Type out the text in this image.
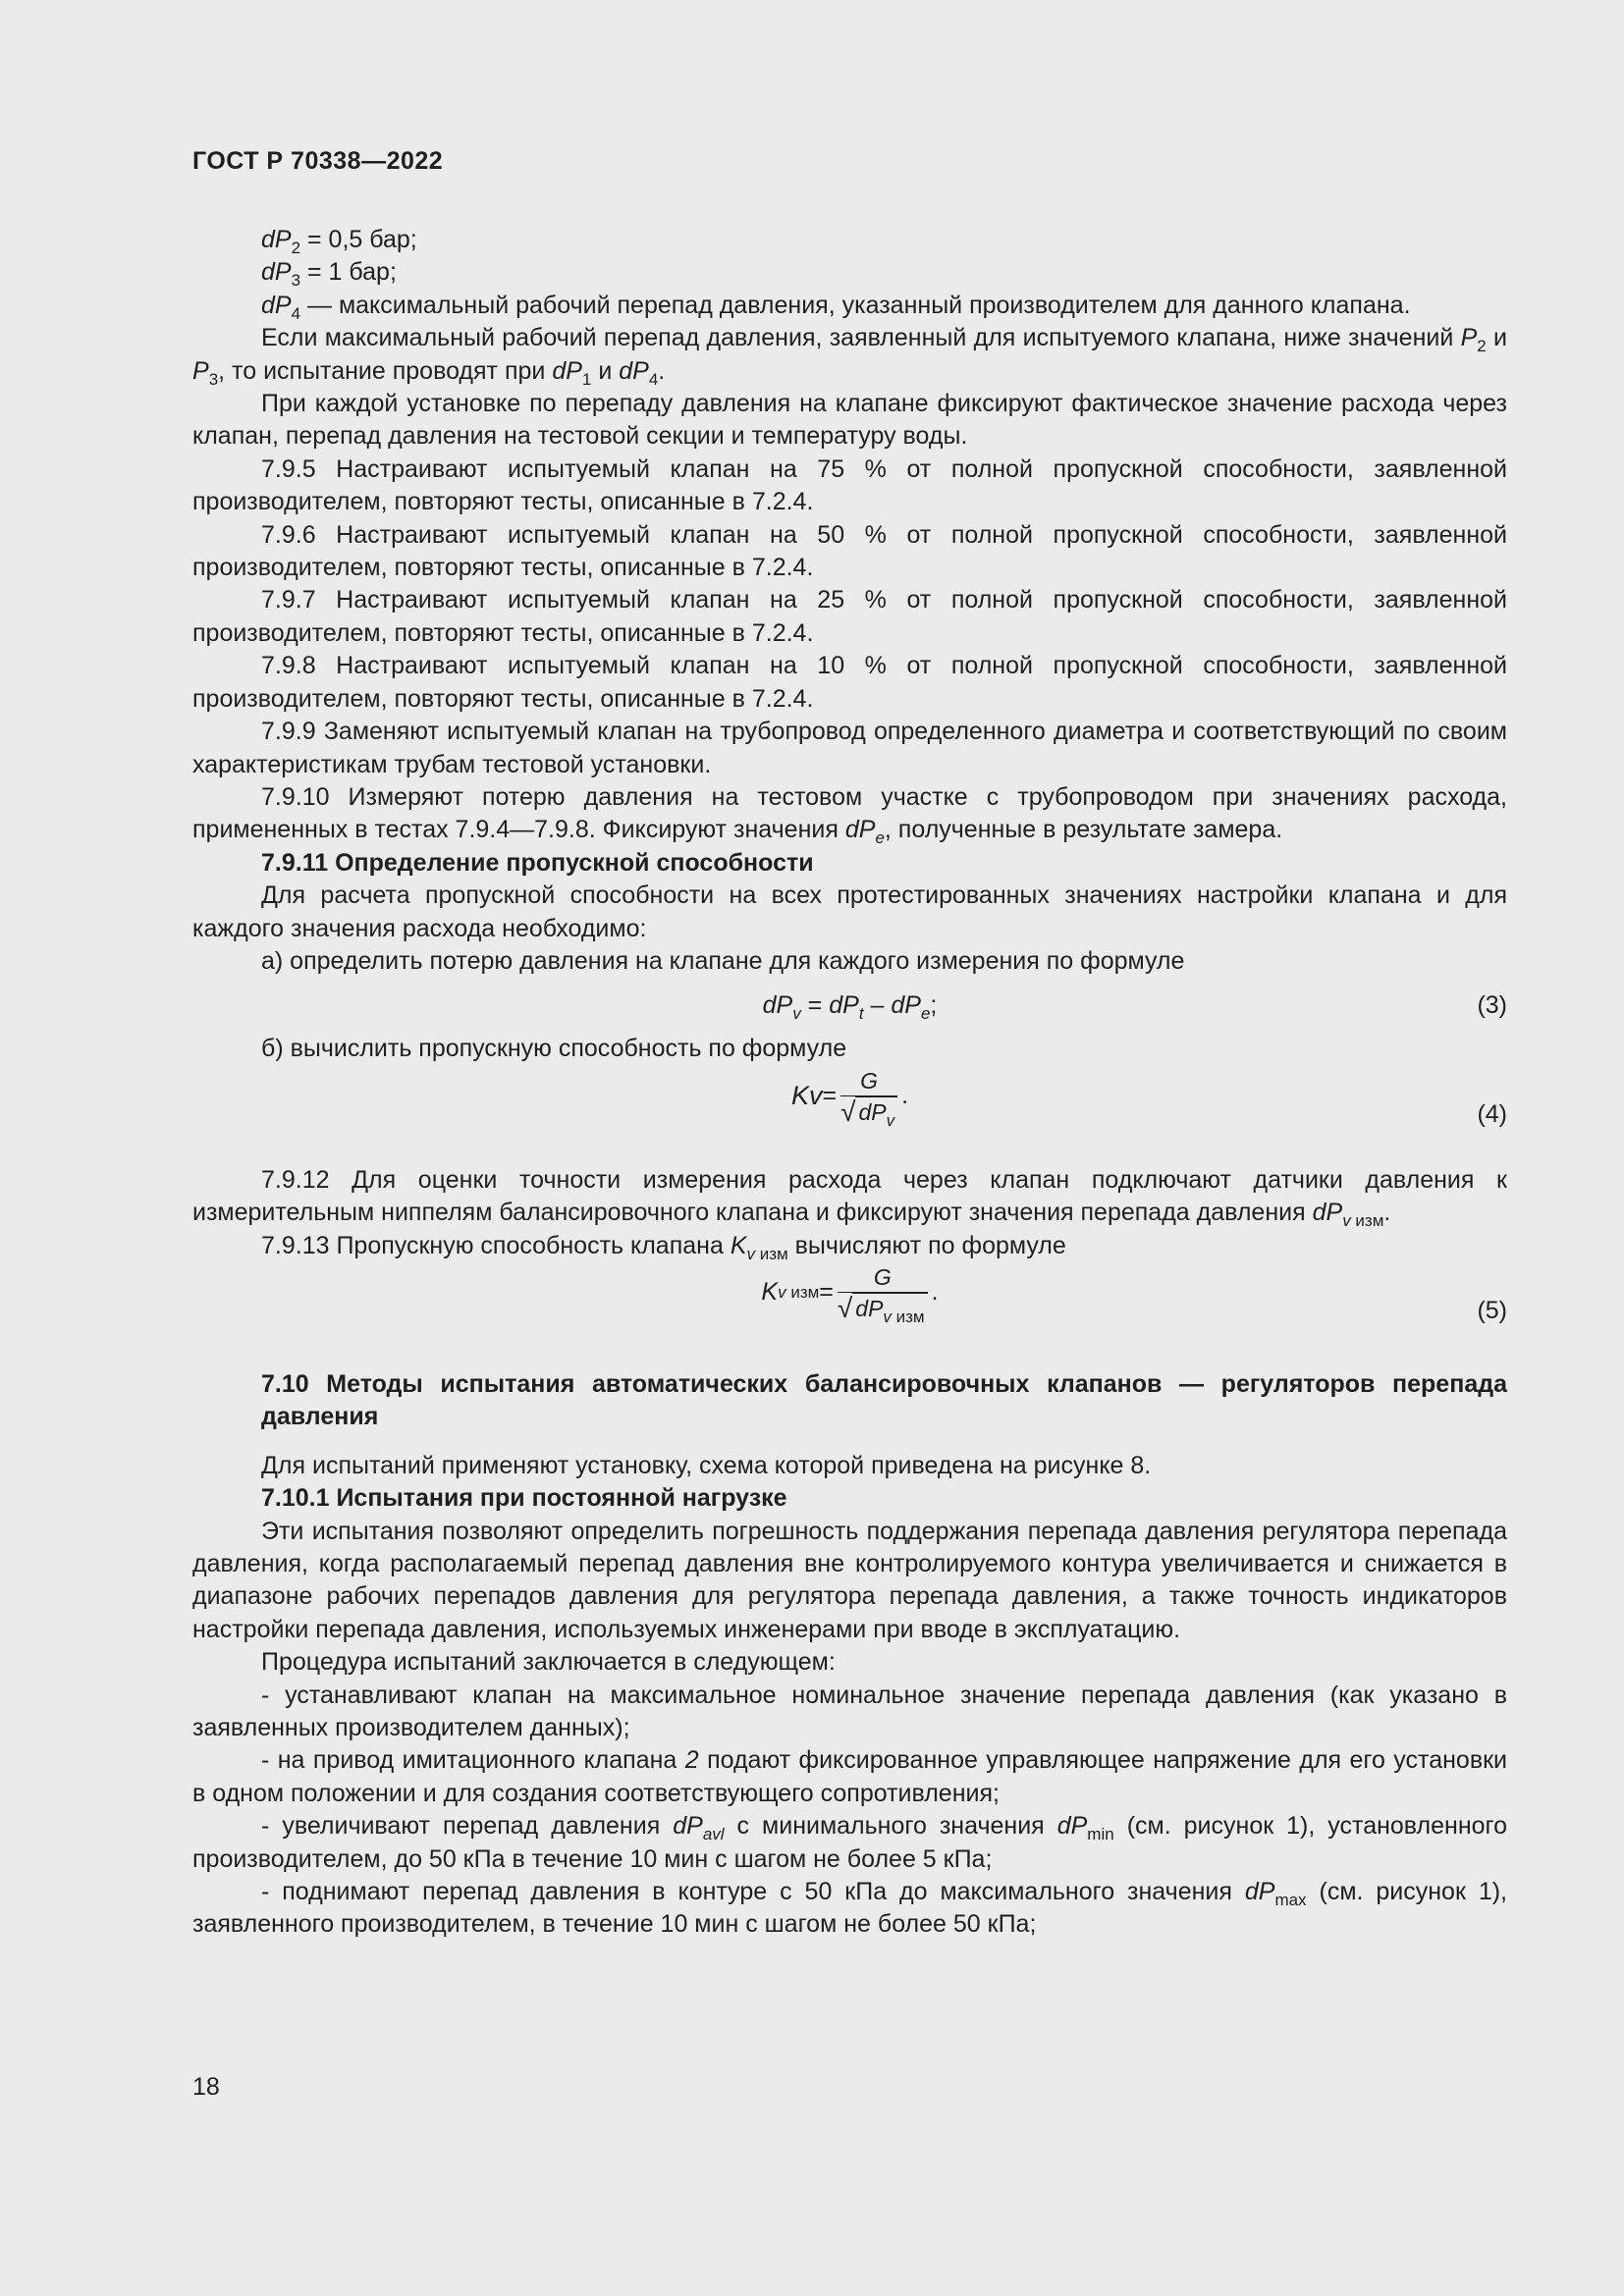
ГОСТ Р 70338—2022

$dP_2 = 0,5$ бар;

$dP_3 = 1$ бар;

$dP_4$ — максимальный рабочий перепад давления, указанный производителем для данного клапана.

Если максимальный рабочий перепад давления, заявленный для испытуемого клапана, ниже значений $P_2$ и $P_3$, то испытание проводят при $dP_1$ и $dP_4$.

При каждой установке по перепаду давления на клапане фиксируют фактическое значение расхода через клапан, перепад давления на тестовой секции и температуру воды.

7.9.5 Настраивают испытуемый клапан на 75 % от полной пропускной способности, заявленной производителем, повторяют тесты, описанные в 7.2.4.

7.9.6 Настраивают испытуемый клапан на 50 % от полной пропускной способности, заявленной производителем, повторяют тесты, описанные в 7.2.4.

7.9.7 Настраивают испытуемый клапан на 25 % от полной пропускной способности, заявленной производителем, повторяют тесты, описанные в 7.2.4.

7.9.8 Настраивают испытуемый клапан на 10 % от полной пропускной способности, заявленной производителем, повторяют тесты, описанные в 7.2.4.

7.9.9 Заменяют испытуемый клапан на трубопровод определенного диаметра и соответствующий по своим характеристикам трубам тестовой установки.

7.9.10 Измеряют потерю давления на тестовом участке с трубопроводом при значениях расхода, примененных в тестах 7.9.4—7.9.8. Фиксируют значения $dP_e$, полученные в результате замера.

7.9.11 Определение пропускной способности

Для расчета пропускной способности на всех протестированных значениях настройки клапана и для каждого значения расхода необходимо:

а) определить потерю давления на клапане для каждого измерения по формуле

$dP_v = dP_t - dP_e$;	(3)

б) вычислить пропускную способность по формуле

$Kv = \frac{G}{√ dP_v}$ .
(4)

7.9.12 Для оценки точности измерения расхода через клапан подключают датчики давления к измерительным ниппелям балансировочного клапана и фиксируют значения перепада давления $dP_{v изм}$.

7.9.13 Пропускную способность клапана $K_{v изм}$ вычисляют по формуле

K v изм = $\frac{G}{√ dP_{v изм}}$ .
(5)

7.10 Методы испытания автоматических балансировочных клапанов — регуляторов перепада давления

Для испытаний применяют установку, схема которой приведена на рисунке 8.

7.10.1 Испытания при постоянной нагрузке

Эти испытания позволяют определить погрешность поддержания перепада давления регулятора перепада давления, когда располагаемый перепад давления вне контролируемого контура увеличивается и снижается в диапазоне рабочих перепадов давления для регулятора перепада давления, а также точность индикаторов настройки перепада давления, используемых инженерами при вводе в эксплуатацию.

Процедура испытаний заключается в следующем:

- устанавливают клапан на максимальное номинальное значение перепада давления (как указано в заявленных производителем данных);

- на привод имитационного клапана 2 подают фиксированное управляющее напряжение для его установки в одном положении и для создания соответствующего сопротивления;

- увеличивают перепад давления $dP_{avl}$ с минимального значения $dP_{min}$ (см. рисунок 1), установленного производителем, до 50 кПа в течение 10 мин с шагом не более 5 кПа;

- поднимают перепад давления в контуре с 50 кПа до максимального значения $dP_{max}$ (см. рисунок 1), заявленного производителем, в течение 10 мин с шагом не более 50 кПа;

18
